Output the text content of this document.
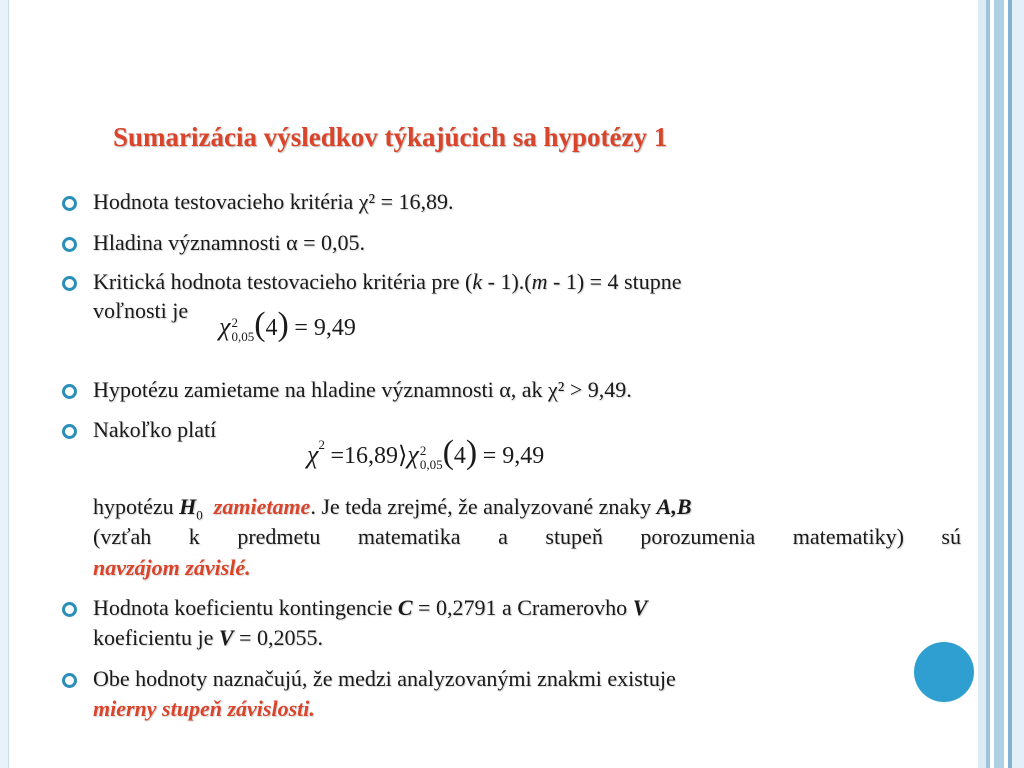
Sumarizácia výsledkov týkajúcich sa hypotézy 1
Hodnota testovacieho kritéria χ² = 16,89.
Hladina významnosti α = 0,05.
Kritická hodnota testovacieho kritéria pre (k - 1).(m - 1) = 4 stupne
voľnosti je
χ 2
0,05 (4) = 9,49
Hypotézu zamietame na hladine významnosti α, ak χ² > 9,49.
Nakoľko platí
$\chi^2$ =16,89⟩χ 2
0,05 (4) = 9,49
hypotézu $H_0$ zamietame. Je teda zrejmé, že analyzované znaky A,B
(vzťah k predmetu matematika a stupeň porozumenia matematiky) sú
navzájom závislé.
Hodnota koeficientu kontingencie C = 0,2791 a Cramerovho V
koeficientu je V = 0,2055.
Obe hodnoty naznačujú, že medzi analyzovanými znakmi existuje
mierny stupeň závislosti.
